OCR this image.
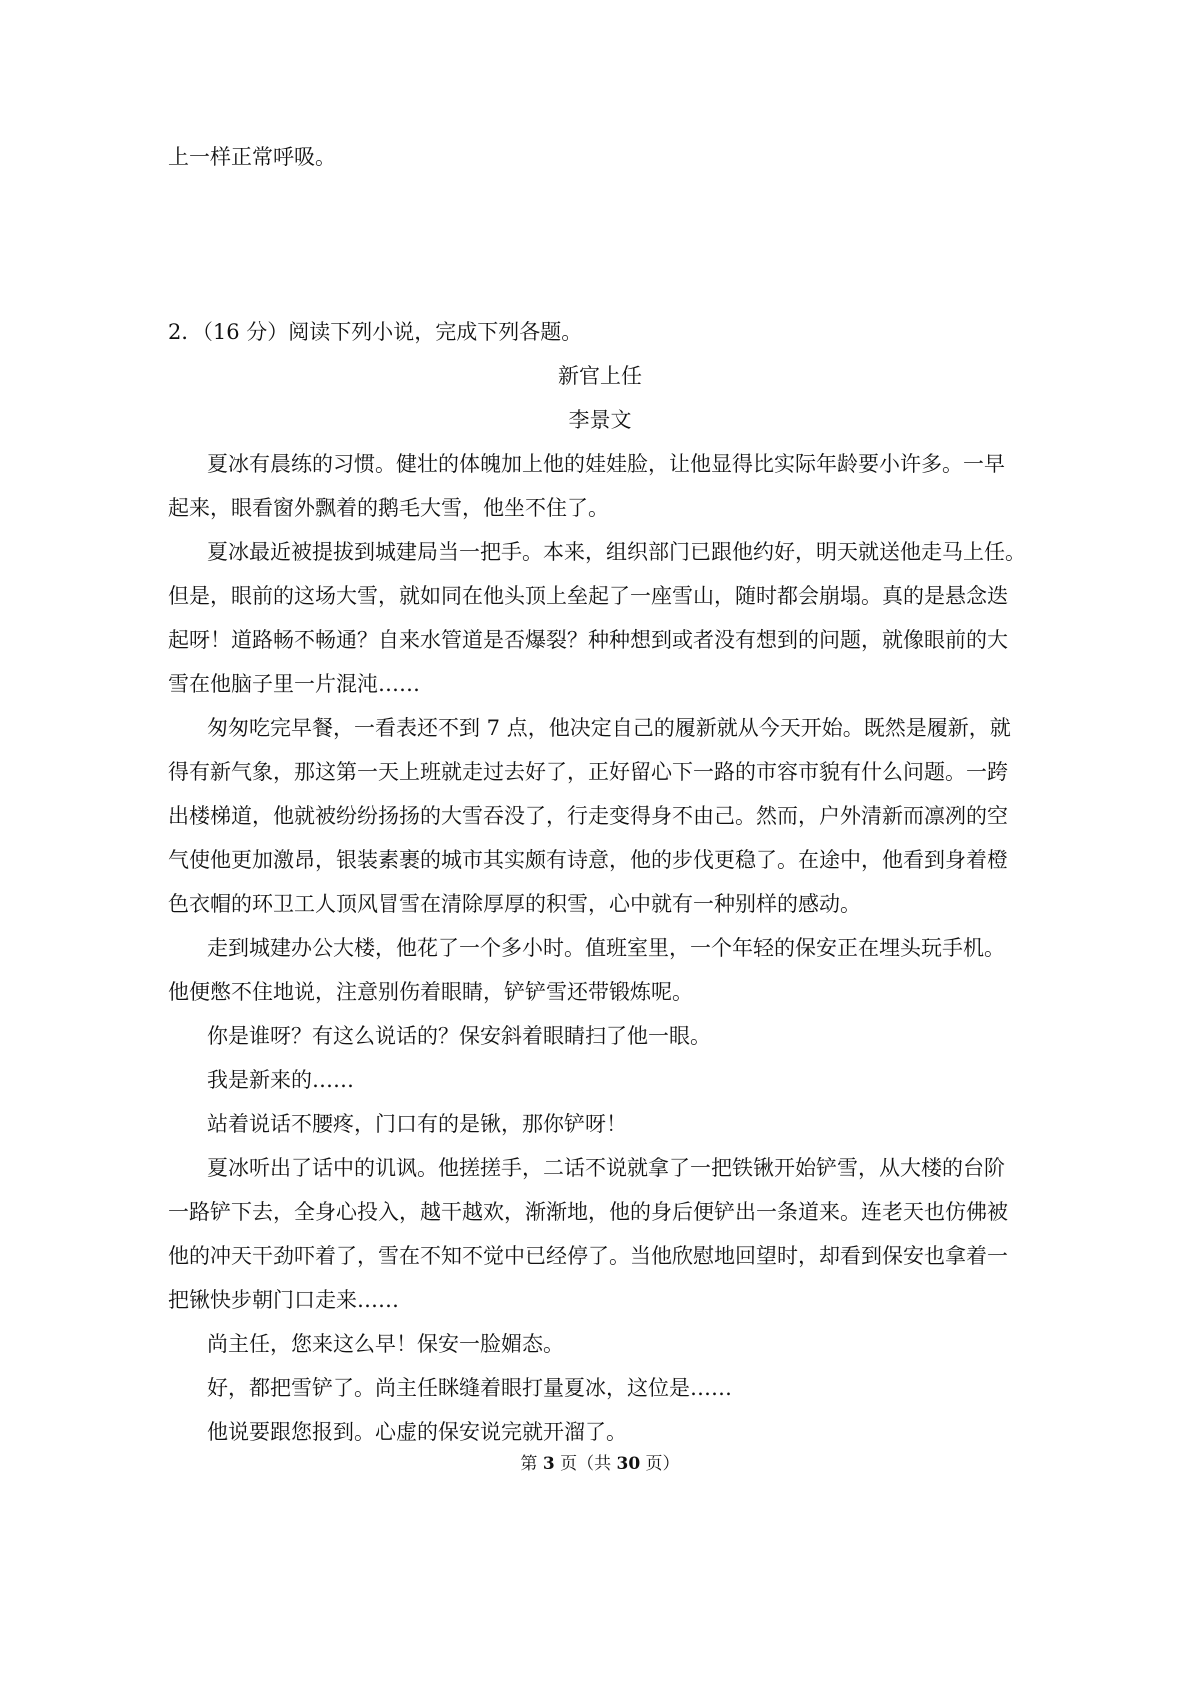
上一样正常呼吸。

2．（16 分）阅读下列小说，完成下列各题。

新官上任

李景文

夏冰有晨练的习惯。健壮的体魄加上他的娃娃脸，让他显得比实际年龄要小许多。一早

起来，眼看窗外飘着的鹅毛大雪，他坐不住了。

夏冰最近被提拔到城建局当一把手。本来，组织部门已跟他约好，明天就送他走马上任。

但是，眼前的这场大雪，就如同在他头顶上垒起了一座雪山，随时都会崩塌。真的是悬念迭

起呀！道路畅不畅通？自来水管道是否爆裂？种种想到或者没有想到的问题，就像眼前的大

雪在他脑子里一片混沌……

匆匆吃完早餐，一看表还不到 7 点，他决定自己的履新就从今天开始。既然是履新，就

得有新气象，那这第一天上班就走过去好了，正好留心下一路的市容市貌有什么问题。一跨

出楼梯道，他就被纷纷扬扬的大雪吞没了，行走变得身不由己。然而，户外清新而凛冽的空

气使他更加激昂，银装素裹的城市其实颇有诗意，他的步伐更稳了。在途中，他看到身着橙

色衣帽的环卫工人顶风冒雪在清除厚厚的积雪，心中就有一种别样的感动。

走到城建办公大楼，他花了一个多小时。值班室里，一个年轻的保安正在埋头玩手机。

他便憋不住地说，注意别伤着眼睛，铲铲雪还带锻炼呢。

你是谁呀？有这么说话的？保安斜着眼睛扫了他一眼。

我是新来的……

站着说话不腰疼，门口有的是锹，那你铲呀！

夏冰听出了话中的讥讽。他搓搓手，二话不说就拿了一把铁锹开始铲雪，从大楼的台阶

一路铲下去，全身心投入，越干越欢，渐渐地，他的身后便铲出一条道来。连老天也仿佛被

他的冲天干劲吓着了，雪在不知不觉中已经停了。当他欣慰地回望时，却看到保安也拿着一

把锹快步朝门口走来……

尚主任，您来这么早！保安一脸媚态。

好，都把雪铲了。尚主任眯缝着眼打量夏冰，这位是……

他说要跟您报到。心虚的保安说完就开溜了。

第 3 页（共 30 页）
